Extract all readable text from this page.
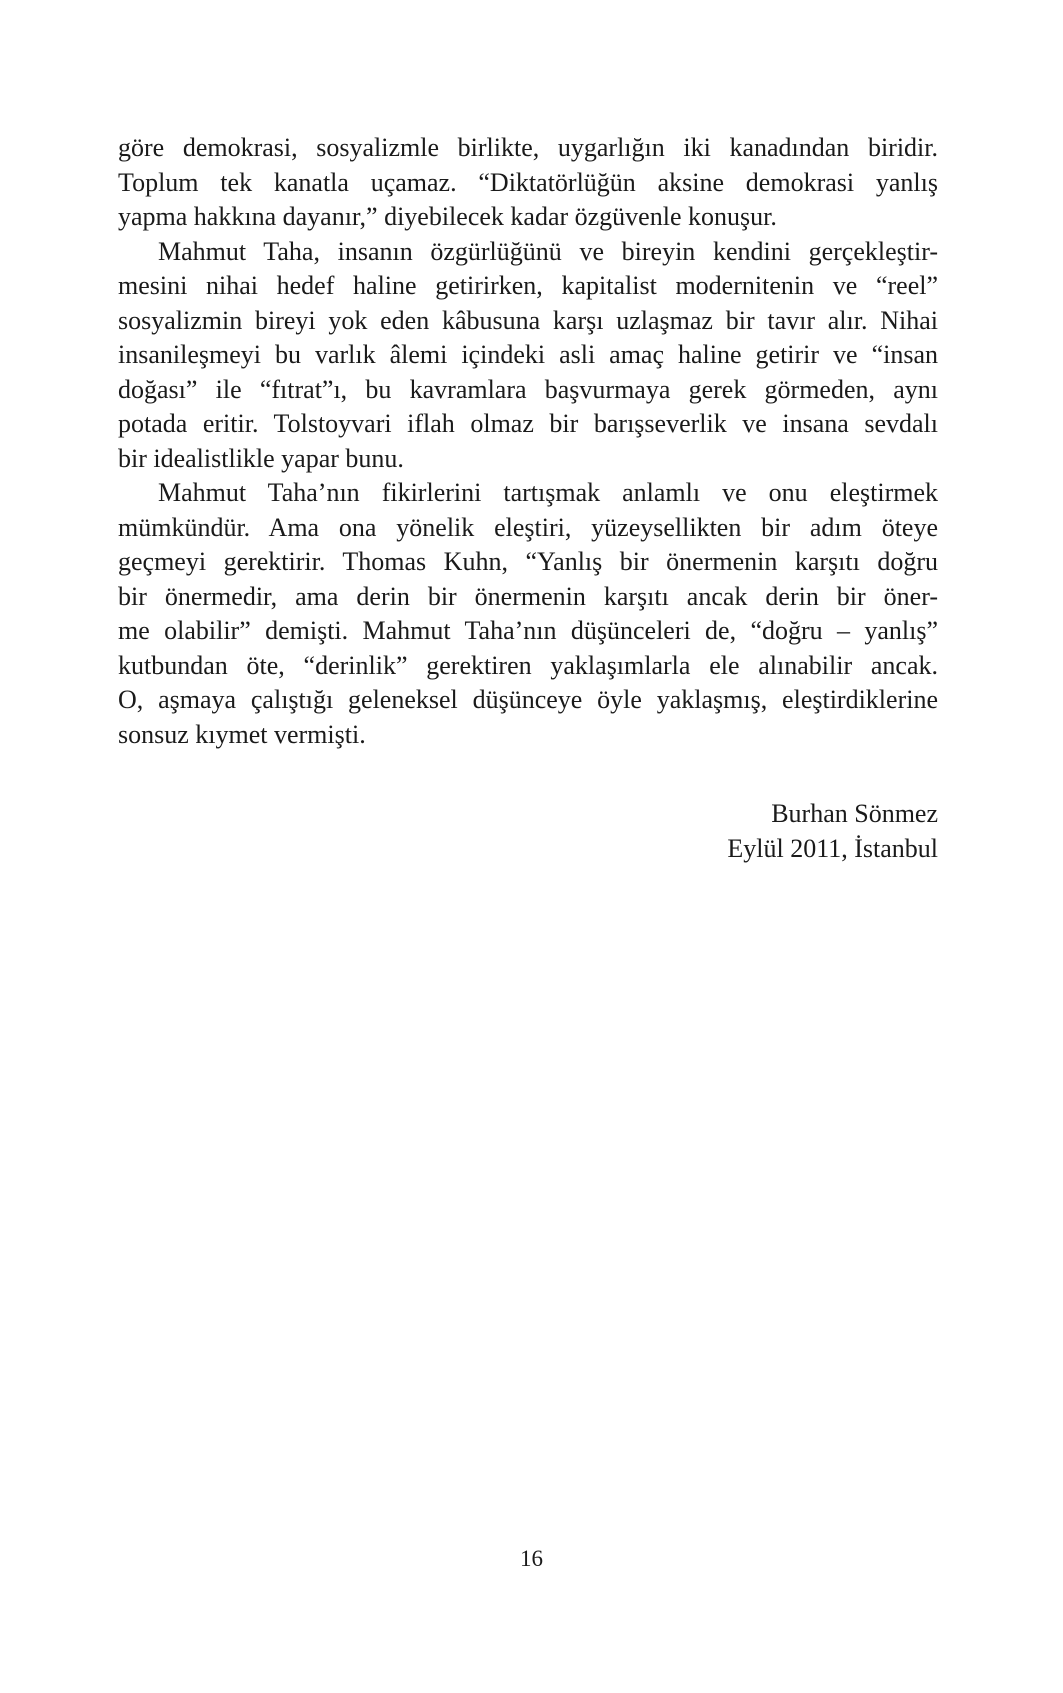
göre demokrasi, sosyalizmle birlikte, uygarlığın iki kanadından biridir.
Toplum tek kanatla uçamaz. “Diktatörlüğün aksine demokrasi yanlış
yapma hakkına dayanır,” diyebilecek kadar özgüvenle konuşur.
Mahmut Taha, insanın özgürlüğünü ve bireyin kendini gerçekleştir-
mesini nihai hedef haline getirirken, kapitalist modernitenin ve “reel”
sosyalizmin bireyi yok eden kâbusuna karşı uzlaşmaz bir tavır alır. Nihai
insanileşmeyi bu varlık âlemi içindeki asli amaç haline getirir ve “insan
doğası” ile “fıtrat”ı, bu kavramlara başvurmaya gerek görmeden, aynı
potada eritir. Tolstoyvari iflah olmaz bir barışseverlik ve insana sevdalı
bir idealistlikle yapar bunu.
Mahmut Taha’nın fikirlerini tartışmak anlamlı ve onu eleştirmek
mümkündür. Ama ona yönelik eleştiri, yüzeysellikten bir adım öteye
geçmeyi gerektirir. Thomas Kuhn, “Yanlış bir önermenin karşıtı doğru
bir önermedir, ama derin bir önermenin karşıtı ancak derin bir öner-
me olabilir” demişti. Mahmut Taha’nın düşünceleri de, “doğru – yanlış”
kutbundan öte, “derinlik” gerektiren yaklaşımlarla ele alınabilir ancak.
O, aşmaya çalıştığı geleneksel düşünceye öyle yaklaşmış, eleştirdiklerine
sonsuz kıymet vermişti.
Burhan Sönmez
Eylül 2011, İstanbul
16
